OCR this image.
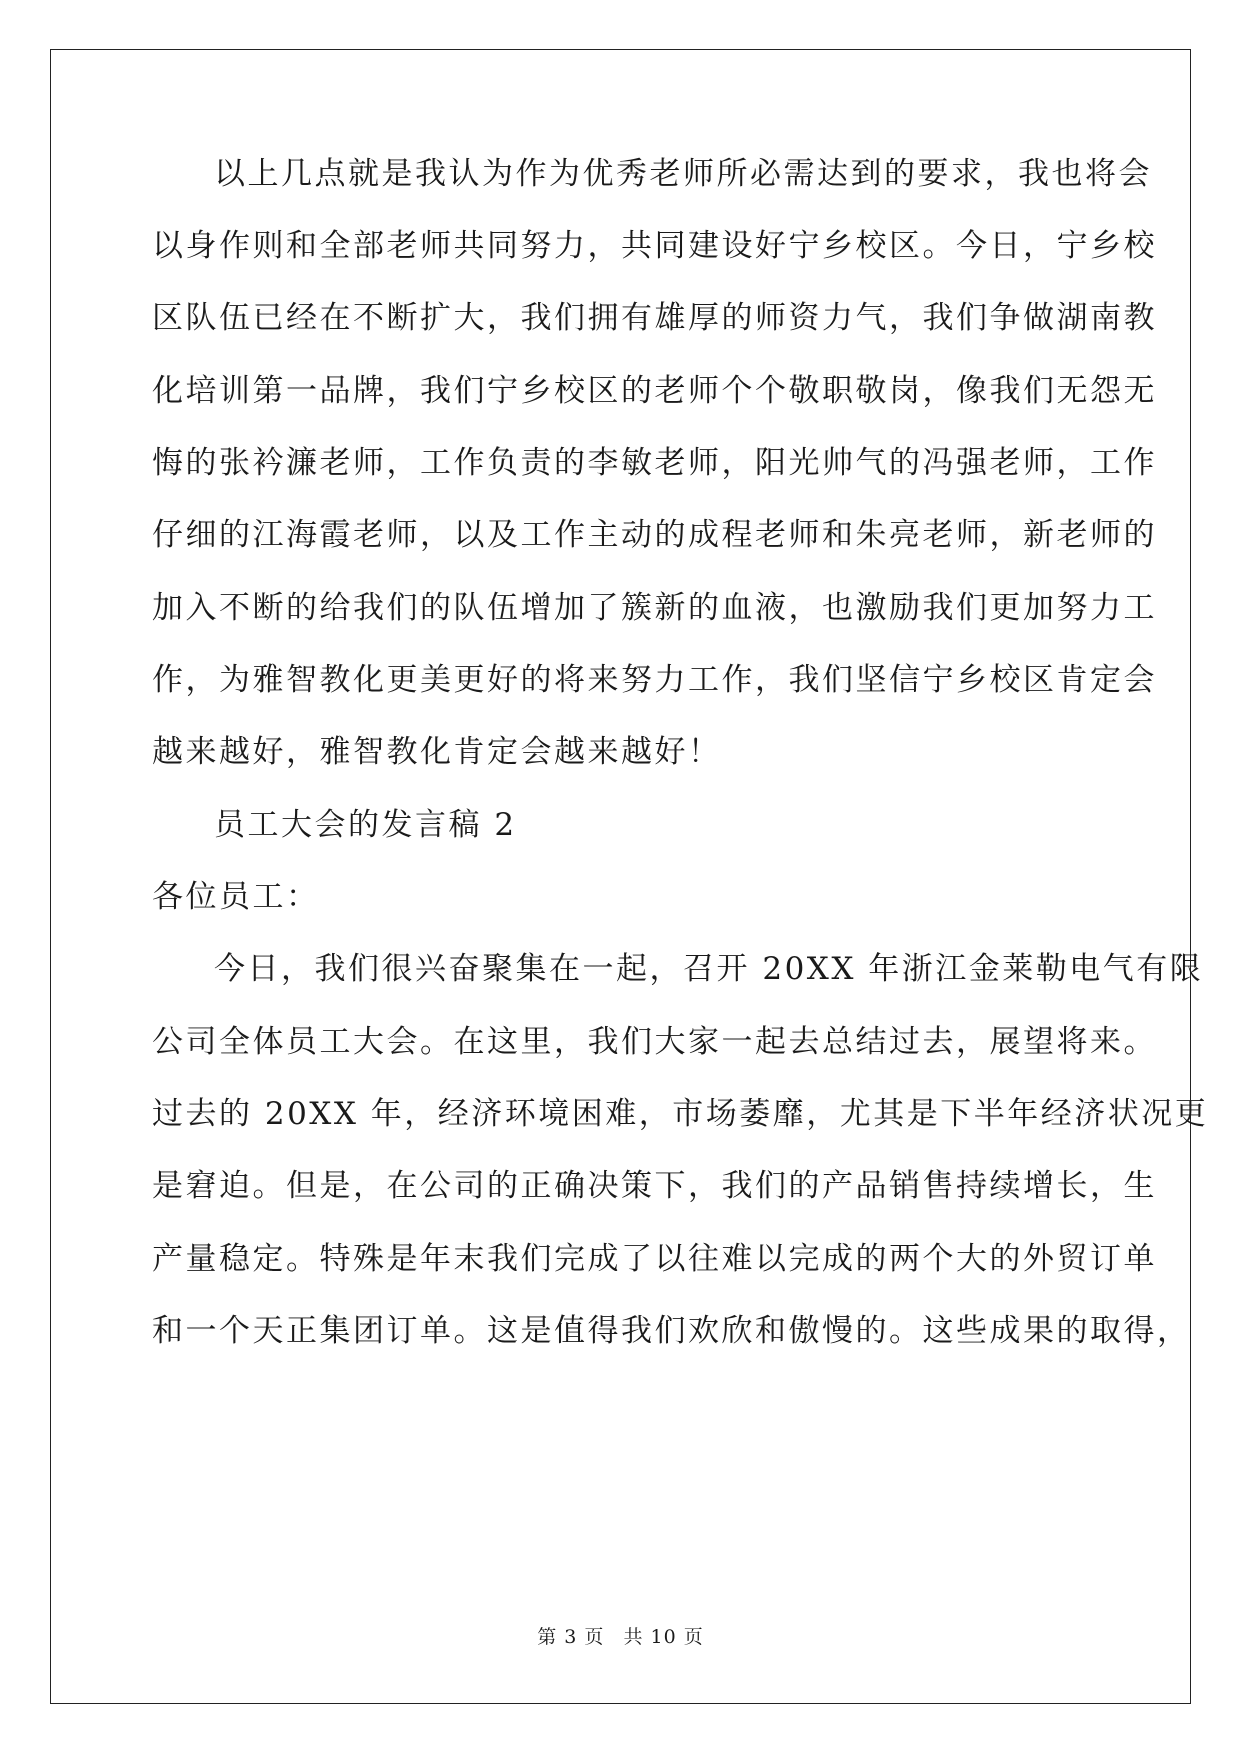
以上几点就是我认为作为优秀老师所必需达到的要求，我也将会
以身作则和全部老师共同努力，共同建设好宁乡校区。今日，宁乡校
区队伍已经在不断扩大，我们拥有雄厚的师资力气，我们争做湖南教
化培训第一品牌，我们宁乡校区的老师个个敬职敬岗，像我们无怨无
悔的张衿濂老师，工作负责的李敏老师，阳光帅气的冯强老师，工作
仔细的江海霞老师，以及工作主动的成程老师和朱亮老师，新老师的
加入不断的给我们的队伍增加了簇新的血液，也激励我们更加努力工
作，为雅智教化更美更好的将来努力工作，我们坚信宁乡校区肯定会
越来越好，雅智教化肯定会越来越好！
员工大会的发言稿 2
各位员工：
今日，我们很兴奋聚集在一起，召开 20XX 年浙江金莱勒电气有限
公司全体员工大会。在这里，我们大家一起去总结过去，展望将来。
过去的 20XX 年，经济环境困难，市场萎靡，尤其是下半年经济状况更
是窘迫。但是，在公司的正确决策下，我们的产品销售持续增长，生
产量稳定。特殊是年末我们完成了以往难以完成的两个大的外贸订单
和一个天正集团订单。这是值得我们欢欣和傲慢的。这些成果的取得，
第 3 页 共 10 页
